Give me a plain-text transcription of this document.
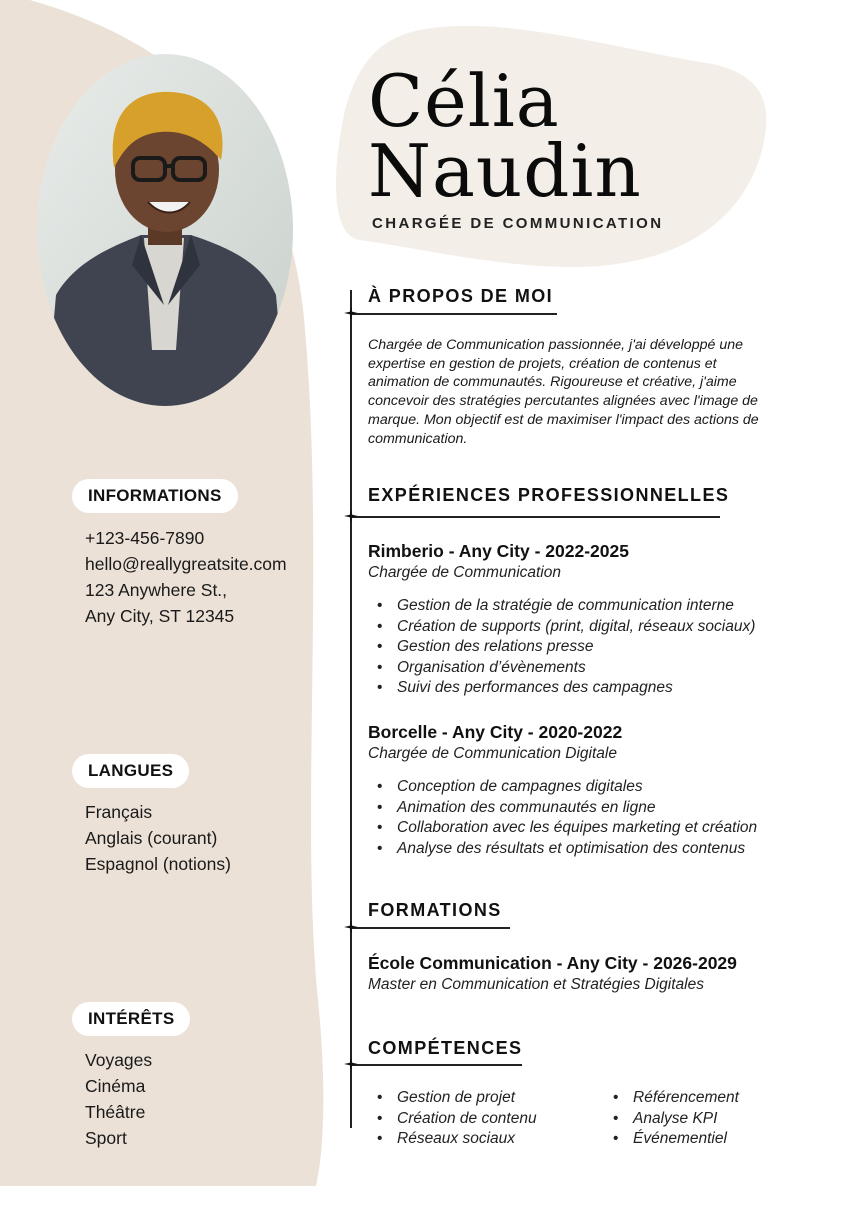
INFORMATIONS
+123-456-7890
hello@reallygreatsite.com
123 Anywhere St.,
Any City, ST 12345
LANGUES
Français
Anglais (courant)
Espagnol (notions)
INTÉRÊTS
Voyages
Cinéma
Théâtre
Sport
Célia
Naudin
CHARGÉE DE COMMUNICATION
À PROPOS DE MOI
Chargée de Communication passionnée, j'ai développé une
expertise en gestion de projets, création de contenus et
animation de communautés. Rigoureuse et créative, j'aime
concevoir des stratégies percutantes alignées avec l'image de
marque. Mon objectif est de maximiser l'impact des actions de
communication.
EXPÉRIENCES PROFESSIONNELLES
Rimberio - Any City - 2022-2025
Chargée de Communication
• Gestion de la stratégie de communication interne
• Création de supports (print, digital, réseaux sociaux)
• Gestion des relations presse
• Organisation d’évènements
• Suivi des performances des campagnes
Borcelle - Any City - 2020-2022
Chargée de Communication Digitale
• Conception de campagnes digitales
• Animation des communautés en ligne
• Collaboration avec les équipes marketing et création
• Analyse des résultats et optimisation des contenus
FORMATIONS
École Communication - Any City - 2026-2029
Master en Communication et Stratégies Digitales
COMPÉTENCES
• Gestion de projet
• Création de contenu
• Réseaux sociaux
• Référencement
• Analyse KPI
• Événementiel
